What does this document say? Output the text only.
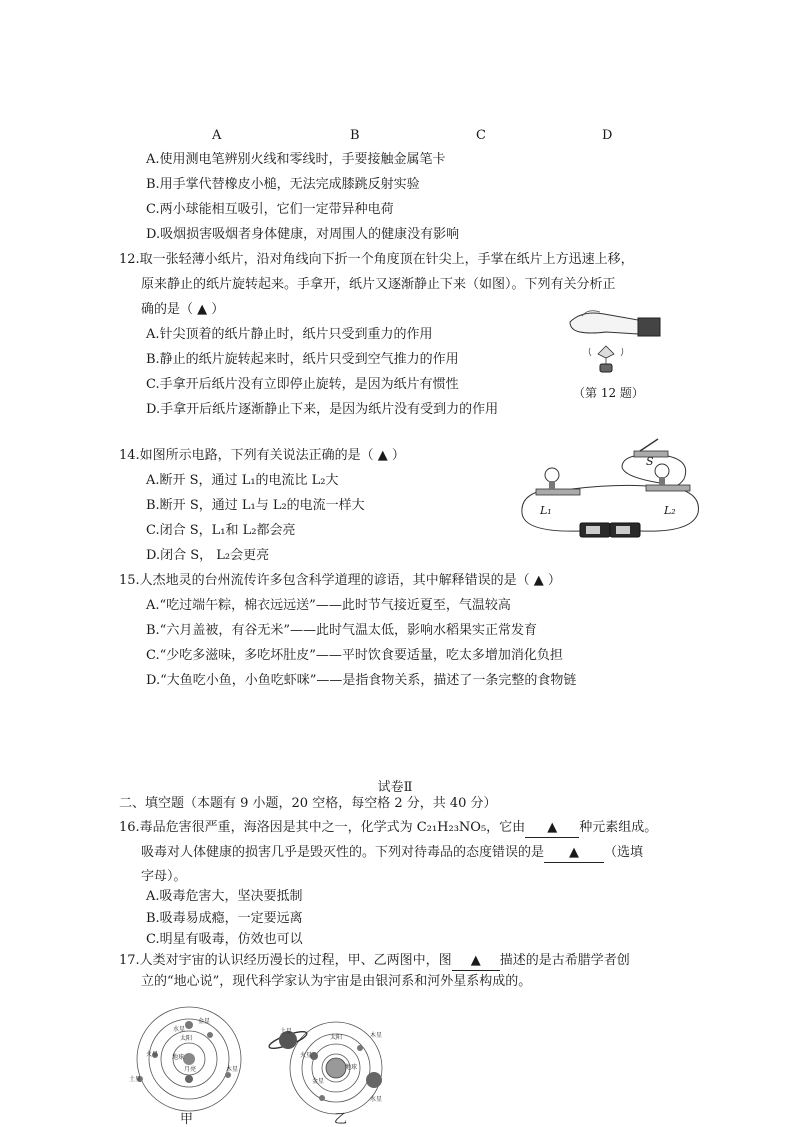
A	B	C	D
A.使用测电笔辨别火线和零线时，手要接触金属笔卡
B.用手掌代替橡皮小槌，无法完成膝跳反射实验
C.两小球能相互吸引，它们一定带异种电荷
D.吸烟损害吸烟者身体健康，对周围人的健康没有影响
12.取一张轻薄小纸片，沿对角线向下折一个角度顶在针尖上，手掌在纸片上方迅速上移，
原来静止的纸片旋转起来。手拿开，纸片又逐渐静止下来（如图）。下列有关分析正
确的是（ ▲ ）
A.针尖顶着的纸片静止时，纸片只受到重力的作用
B.静止的纸片旋转起来时，纸片只受到空气推力的作用
C.手拿开后纸片没有立即停止旋转，是因为纸片有惯性
D.手拿开后纸片逐渐静止下来，是因为纸片没有受到力的作用
（第 12 题）
14.如图所示电路，下列有关说法正确的是（ ▲ ）
A.断开 S，通过 L₁的电流比 L₂大
B.断开 S，通过 L₁与 L₂的电流一样大
C.闭合 S，L₁和 L₂都会亮
D.闭合 S， L₂会更亮
S
L₁	L₂
15.人杰地灵的台州流传许多包含科学道理的谚语，其中解释错误的是（ ▲ ）
A.“吃过端午粽，棉衣远远送”——此时节气接近夏至，气温较高
B.“六月盖被，有谷无米”——此时气温太低，影响水稻果实正常发育
C.“少吃多滋味，多吃坏肚皮”——平时饮食要适量，吃太多增加消化负担
D.“大鱼吃小鱼，小鱼吃虾咪”——是指食物关系，描述了一条完整的食物链
试卷Ⅱ
二、填空题（本题有 9 小题，20 空格，每空格 2 分，共 40 分）
16.毒品危害很严重，海洛因是其中之一，化学式为 C₂₁H₂₃NO₅，它由 ▲ 种元素组成。
吸毒对人体健康的损害几乎是毁灭性的。下列对待毒品的态度错误的是 ▲ （选填
字母）。
A.吸毒危害大，坚决要抵制
B.吸毒易成瘾，一定要远离
C.明星有吸毒，仿效也可以
17.人类对宇宙的认识经历漫长的过程，甲、乙两图中，图 ▲ 描述的是古希腊学者创
立的“地心说”，现代科学家认为宇宙是由银河系和河外星系构成的。
金星
水星
太阳
地球
月亮
火星
木星
土星
土星
太阳	木星
火星
地球
金星
水星
甲	乙
